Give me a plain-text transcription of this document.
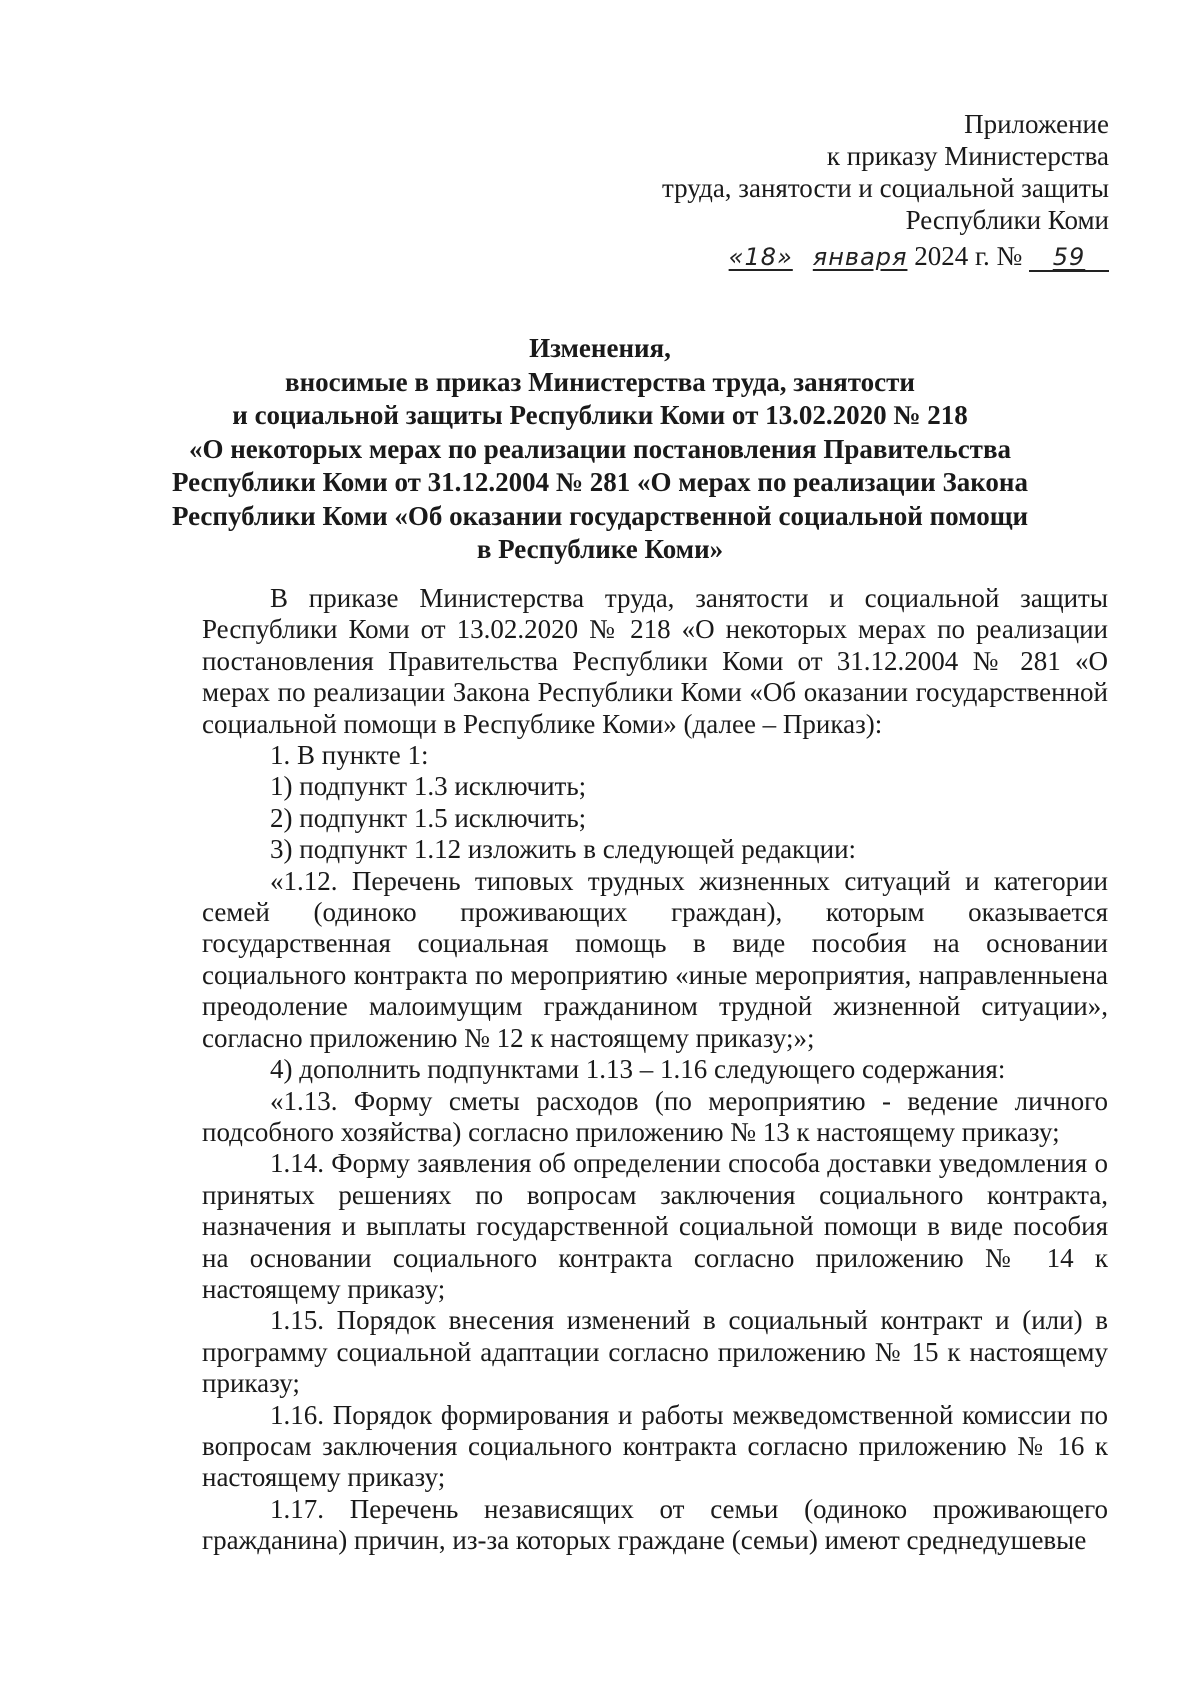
Приложение
к приказу Министерства
труда, занятости и социальной защиты
Республики Коми
«18» января 2024 г. № 59
Изменения,
вносимые в приказ Министерства труда, занятости
и социальной защиты Республики Коми от 13.02.2020 № 218
«О некоторых мерах по реализации постановления Правительства
Республики Коми от 31.12.2004 № 281 «О мерах по реализации Закона
Республики Коми «Об оказании государственной социальной помощи
в Республике Коми»

В приказе Министерства труда, занятости и социальной защиты Республики Коми от 13.02.2020 № 218 «О некоторых мерах по реализации постановления Правительства Республики Коми от 31.12.2004 № 281 «О мерах по реализации Закона Республики Коми «Об оказании государственной социальной помощи в Республике Коми» (далее – Приказ):

1. В пункте 1:

1) подпункт 1.3 исключить;

2) подпункт 1.5 исключить;

3) подпункт 1.12 изложить в следующей редакции:

«1.12. Перечень типовых трудных жизненных ситуаций и категории семей (одиноко проживающих граждан), которым оказывается государственная социальная помощь в виде пособия на основании социального контракта по мероприятию «иные мероприятия, направленныена преодоление малоимущим гражданином трудной жизненной ситуации», согласно приложению № 12 к настоящему приказу;»;

4) дополнить подпунктами 1.13 – 1.16 следующего содержания:

«1.13. Форму сметы расходов (по мероприятию - ведение личного подсобного хозяйства) согласно приложению № 13 к настоящему приказу;

1.14. Форму заявления об определении способа доставки уведомления о принятых решениях по вопросам заключения социального контракта, назначения и выплаты государственной социальной помощи в виде пособия на основании социального контракта согласно приложению № 14 к настоящему приказу;

1.15. Порядок внесения изменений в социальный контракт и (или) в программу социальной адаптации согласно приложению № 15 к настоящему приказу;

1.16. Порядок формирования и работы межведомственной комиссии по вопросам заключения социального контракта согласно приложению № 16 к настоящему приказу;

1.17. Перечень независящих от семьи (одиноко проживающего гражданина) причин, из-за которых граждане (семьи) имеют среднедушевые
